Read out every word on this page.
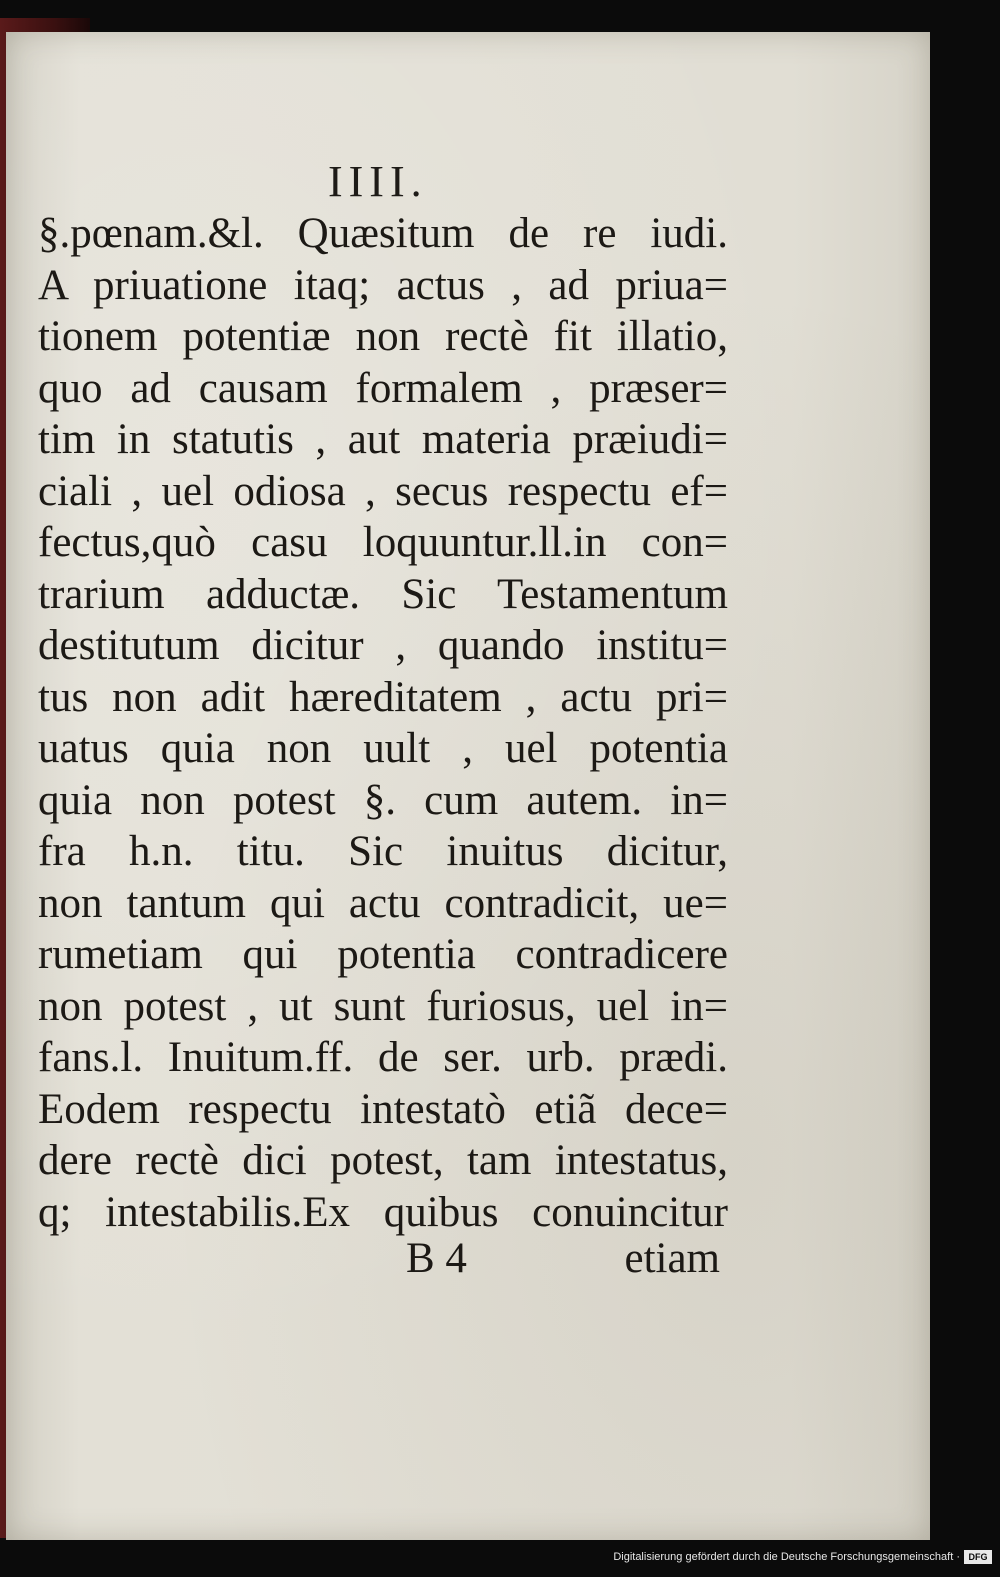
IIII.
§.pœnam.&l. Quæsitum de re iudi.
A priuatione itaq; actus , ad priua=
tionem potentiæ non rectè fit illatio,
quo ad causam formalem , præser=
tim in statutis , aut materia præiudi=
ciali , uel odiosa , secus respectu ef=
fectus,quò casu loquuntur.ll.in con=
trarium adductæ. Sic Testamentum
destitutum dicitur , quando institu=
tus non adit hæreditatem , actu pri=
uatus quia non uult , uel potentia
quia non potest §. cum autem. in=
fra h.n. titu. Sic inuitus dicitur,
non tantum qui actu contradicit, ue=
rumetiam qui potentia contradicere
non potest , ut sunt furiosus, uel in=
fans.l. Inuitum.ff. de ser. urb. prædi.
Eodem respectu intestatò etiã dece=
dere rectè dici potest, tam intestatus,
q; intestabilis.Ex quibus conuincitur
B 4	etiam
Digitalisierung gefördert durch die Deutsche Forschungsgemeinschaft · DFG
